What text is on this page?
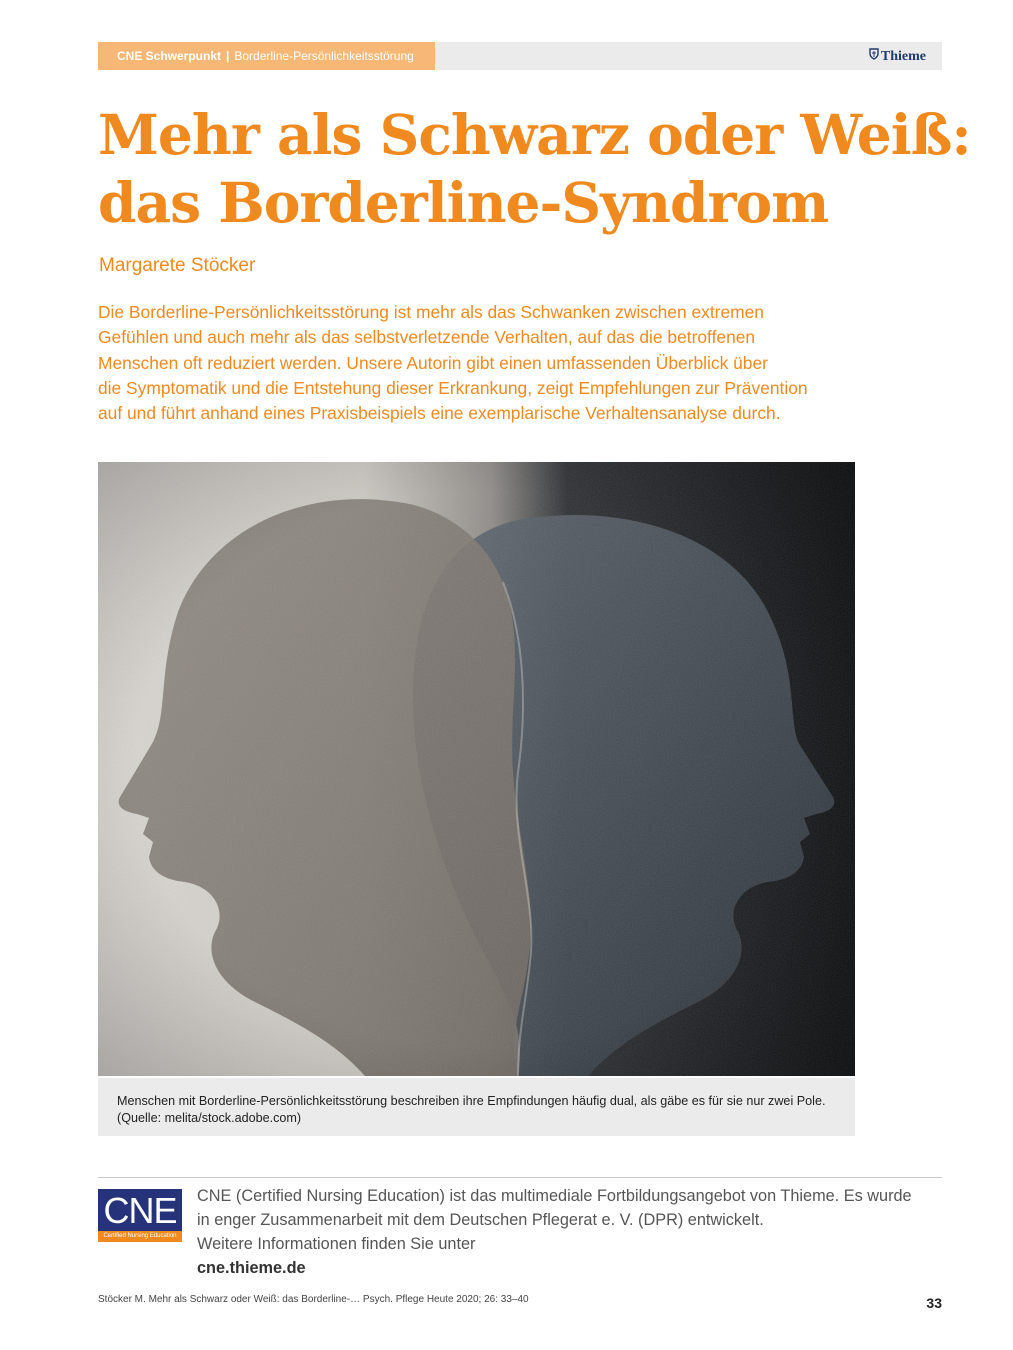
CNE Schwerpunkt | Borderline-Persönlichkeitsstörung	Thieme
Mehr als Schwarz oder Weiß:
das Borderline-Syndrom
Margarete Stöcker
Die Borderline-Persönlichkeitsstörung ist mehr als das Schwanken zwischen extremen
Gefühlen und auch mehr als das selbstverletzende Verhalten, auf das die betroffenen
Menschen oft reduziert werden. Unsere Autorin gibt einen umfassenden Überblick über
die Symptomatik und die Entstehung dieser Erkrankung, zeigt Empfehlungen zur Prävention
auf und führt anhand eines Praxisbeispiels eine exemplarische Verhaltensanalyse durch.
Menschen mit Borderline-Persönlichkeitsstörung beschreiben ihre Empfindungen häufig dual, als gäbe es für sie nur zwei Pole.
(Quelle: melita/stock.adobe.com)
CNE
Certified Nursing Education
CNE (Certified Nursing Education) ist das multimediale Fortbildungsangebot von Thieme. Es wurde
in enger Zusammenarbeit mit dem Deutschen Pflegerat e. V. (DPR) entwickelt.
Weitere Informationen finden Sie unter
cne.thieme.de
Stöcker M. Mehr als Schwarz oder Weiß: das Borderline-… Psych. Pflege Heute 2020; 26: 33–40	33
